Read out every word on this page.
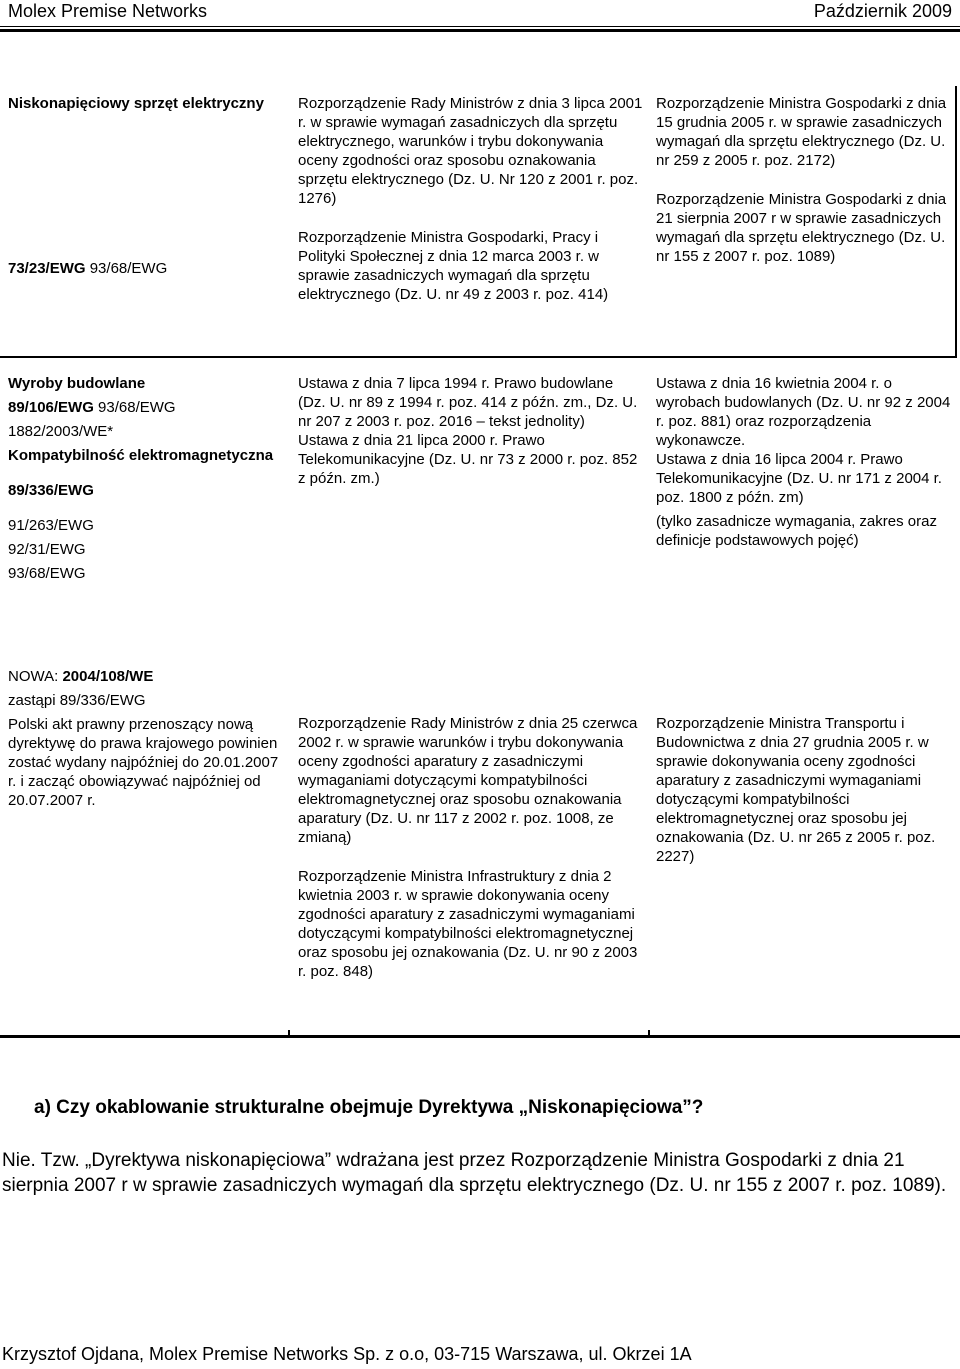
Molex Premise Networks	Październik 2009

Niskonapięciowy sprzęt elektryczny

73/23/EWG 93/68/EWG

Rozporządzenie Rady Ministrów z dnia 3 lipca 2001 r. w sprawie wymagań zasadniczych dla sprzętu elektrycznego, warunków i trybu dokonywania oceny zgodności oraz sposobu oznakowania sprzętu elektrycznego (Dz. U. Nr 120 z 2001 r. poz. 1276)

Rozporządzenie Ministra Gospodarki, Pracy i Polityki Społecznej z dnia 12 marca 2003 r. w sprawie zasadniczych wymagań dla sprzętu elektrycznego (Dz. U. nr 49 z 2003 r. poz. 414)

Rozporządzenie Ministra Gospodarki z dnia 15 grudnia 2005 r. w sprawie zasadniczych wymagań dla sprzętu elektrycznego (Dz. U. nr 259 z 2005 r. poz. 2172)

Rozporządzenie Ministra Gospodarki z dnia 21 sierpnia 2007 r w sprawie zasadniczych wymagań dla sprzętu elektrycznego (Dz. U. nr 155 z 2007 r. poz. 1089)

Wyroby budowlane

89/106/EWG 93/68/EWG

1882/2003/WE*

Kompatybilność elektromagnetyczna

89/336/EWG

91/263/EWG

92/31/EWG

93/68/EWG

Ustawa z dnia 7 lipca 1994 r. Prawo budowlane (Dz. U. nr 89 z 1994 r. poz. 414 z późn. zm., Dz. U. nr 207 z 2003 r. poz. 2016 – tekst jednolity)

Ustawa z dnia 21 lipca 2000 r. Prawo Telekomunikacyjne (Dz. U. nr 73 z 2000 r. poz. 852 z późn. zm.)

Ustawa z dnia 16 kwietnia 2004 r. o wyrobach budowlanych (Dz. U. nr 92 z 2004 r. poz. 881) oraz rozporządzenia wykonawcze.

Ustawa z dnia 16 lipca 2004 r. Prawo Telekomunikacyjne (Dz. U. nr 171 z 2004 r. poz. 1800 z późn. zm)

(tylko zasadnicze wymagania, zakres oraz definicje podstawowych pojęć)

NOWA: 2004/108/WE

zastąpi 89/336/EWG

Polski akt prawny przenoszący nową dyrektywę do prawa krajowego powinien zostać wydany najpóźniej do 20.01.2007 r. i zacząć obowiązywać najpóźniej od 20.07.2007 r.

Rozporządzenie Rady Ministrów z dnia 25 czerwca 2002 r. w sprawie warunków i trybu dokonywania oceny zgodności aparatury z zasadniczymi wymaganiami dotyczącymi kompatybilności elektromagnetycznej oraz sposobu oznakowania aparatury (Dz. U. nr 117 z 2002 r. poz. 1008, ze zmianą)

Rozporządzenie Ministra Infrastruktury z dnia 2 kwietnia 2003 r. w sprawie dokonywania oceny zgodności aparatury z zasadniczymi wymaganiami dotyczącymi kompatybilności elektromagnetycznej oraz sposobu jej oznakowania (Dz. U. nr 90 z 2003 r. poz. 848)

Rozporządzenie Ministra Transportu i Budownictwa z dnia 27 grudnia 2005 r. w sprawie dokonywania oceny zgodności aparatury z zasadniczymi wymaganiami dotyczącymi kompatybilności elektromagnetycznej oraz sposobu jej oznakowania (Dz. U. nr 265 z 2005 r. poz. 2227)

a) Czy okablowanie strukturalne obejmuje Dyrektywa „Niskonapięciowa”?
Nie. Tzw. „Dyrektywa niskonapięciowa” wdrażana jest przez Rozporządzenie Ministra Gospodarki z dnia 21 sierpnia 2007 r w sprawie zasadniczych wymagań dla sprzętu elektrycznego (Dz. U. nr 155 z 2007 r. poz. 1089).
Krzysztof Ojdana, Molex Premise Networks Sp. z o.o, 03-715 Warszawa, ul. Okrzei 1A
